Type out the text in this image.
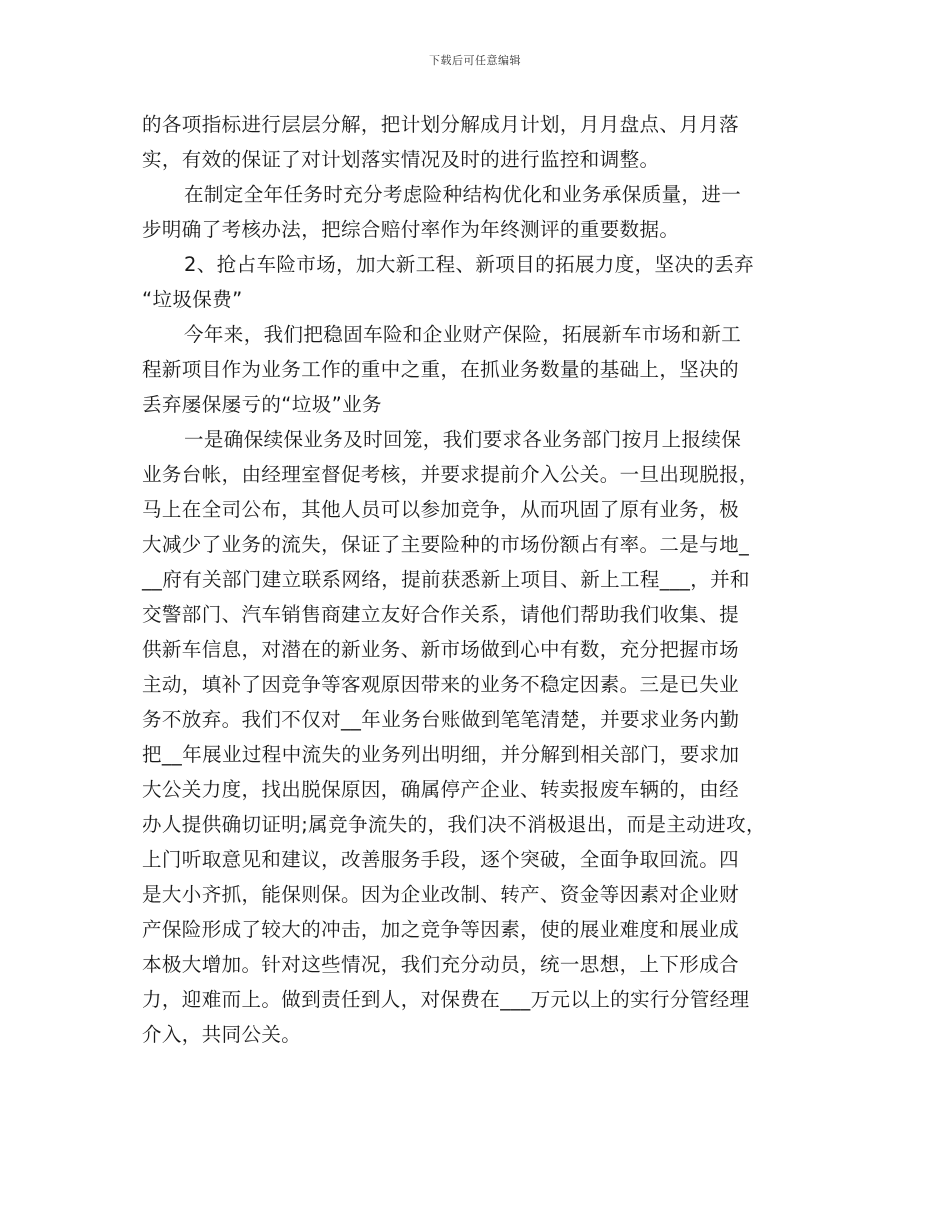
下载后可任意编辑
的各项指标进行层层分解，把计划分解成月计划，月月盘点、月月落
实，有效的保证了对计划落实情况及时的进行监控和调整。
在制定全年任务时充分考虑险种结构优化和业务承保质量，进一
步明确了考核办法，把综合赔付率作为年终测评的重要数据。
2、抢占车险市场，加大新工程、新项目的拓展力度，坚决的丢弃
“垃圾保费”
今年来，我们把稳固车险和企业财产保险，拓展新车市场和新工
程新项目作为业务工作的重中之重，在抓业务数量的基础上，坚决的
丢弃屡保屡亏的“垃圾”业务
一是确保续保业务及时回笼，我们要求各业务部门按月上报续保
业务台帐，由经理室督促考核，并要求提前介入公关。一旦出现脱报，
马上在全司公布，其他人员可以参加竞争，从而巩固了原有业务，极
大减少了业务的流失，保证了主要险种的市场份额占有率。二是与地_
__府有关部门建立联系网络，提前获悉新上项目、新上工程___，并和
交警部门、汽车销售商建立友好合作关系，请他们帮助我们收集、提
供新车信息，对潜在的新业务、新市场做到心中有数，充分把握市场
主动，填补了因竞争等客观原因带来的业务不稳定因素。三是已失业
务不放弃。我们不仅对__年业务台账做到笔笔清楚，并要求业务内勤
把__年展业过程中流失的业务列出明细，并分解到相关部门，要求加
大公关力度，找出脱保原因，确属停产企业、转卖报废车辆的，由经
办人提供确切证明;属竞争流失的，我们决不消极退出，而是主动进攻，
上门听取意见和建议，改善服务手段，逐个突破，全面争取回流。四
是大小齐抓，能保则保。因为企业改制、转产、资金等因素对企业财
产保险形成了较大的冲击，加之竞争等因素，使的展业难度和展业成
本极大增加。针对这些情况，我们充分动员，统一思想，上下形成合
力，迎难而上。做到责任到人，对保费在___万元以上的实行分管经理
介入，共同公关。
